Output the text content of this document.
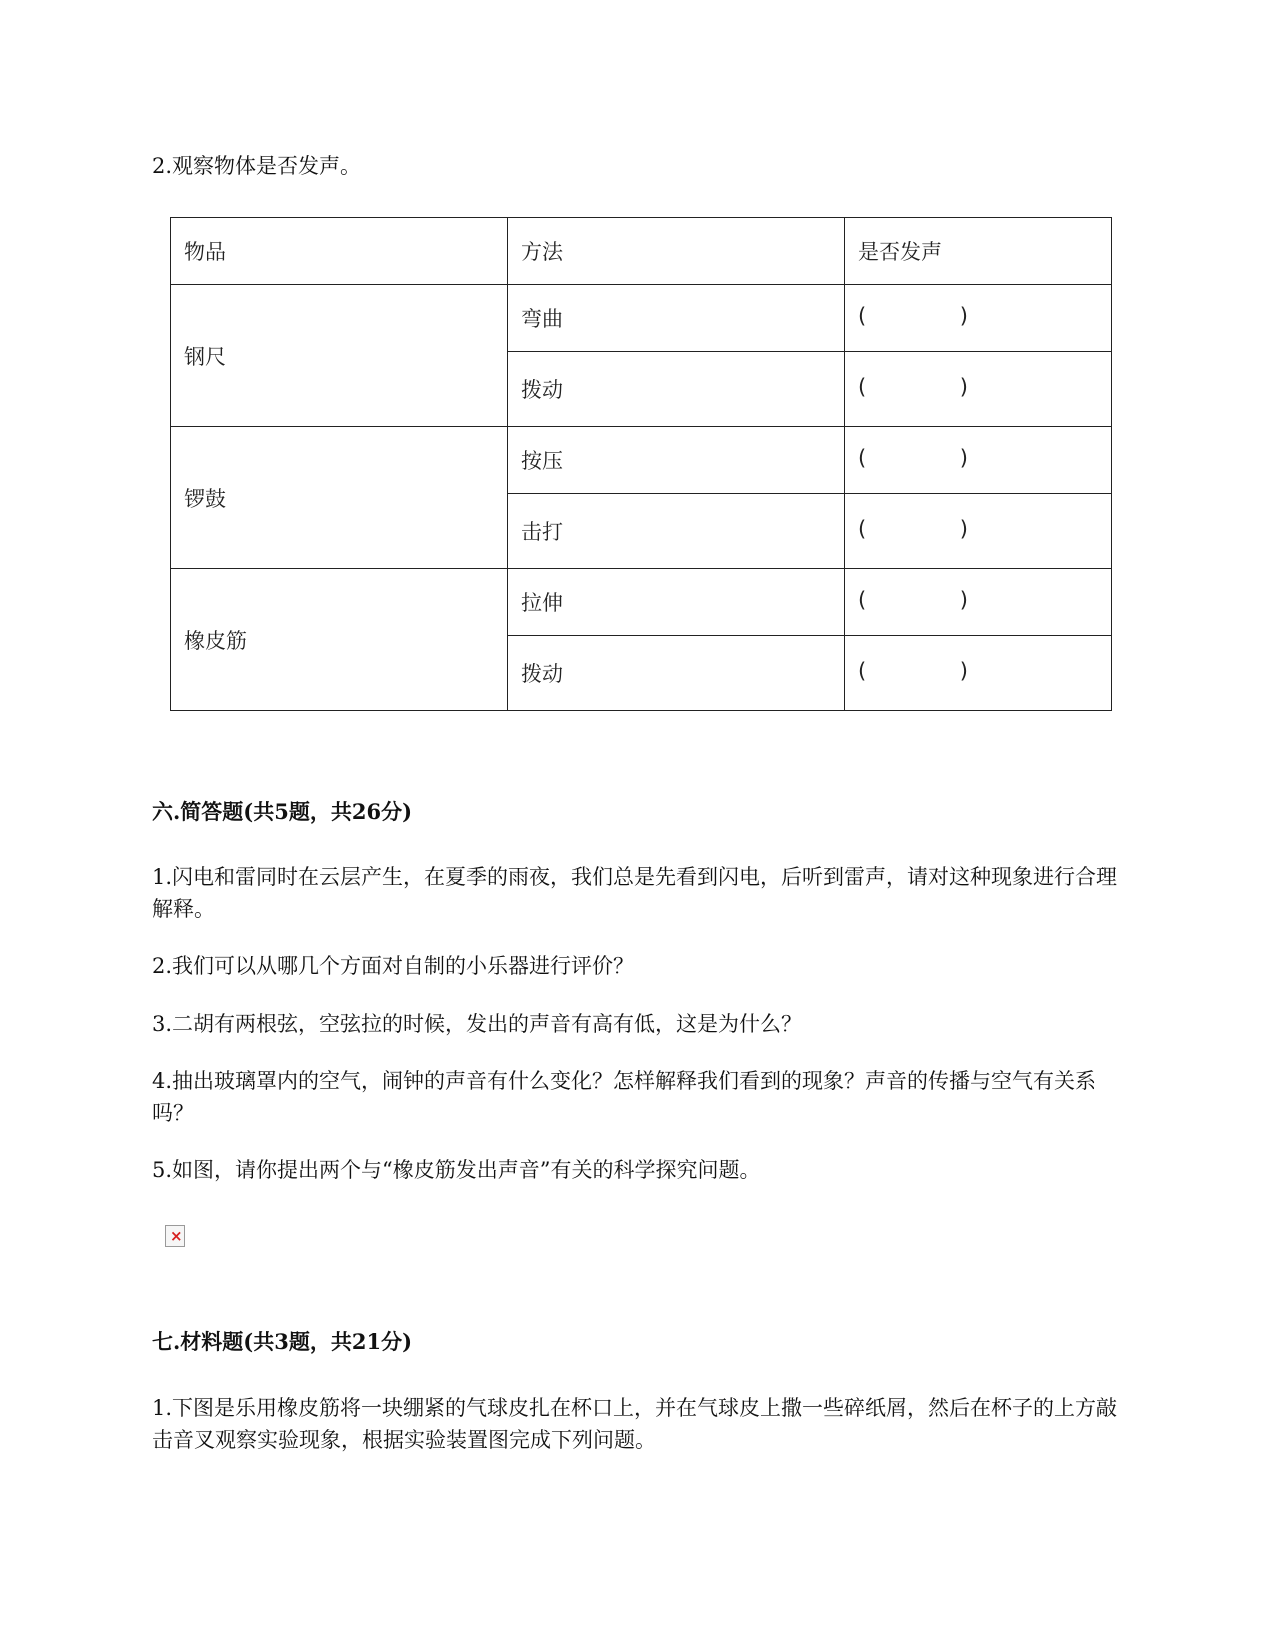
2.观察物体是否发声。
物品	方法	是否发声
钢尺	弯曲	( )

	拨动	( )

锣鼓	按压	( )

	击打	( )

橡皮筋	拉伸	( )

	拨动	( )
六.简答题(共5题，共26分)
1.闪电和雷同时在云层产生，在夏季的雨夜，我们总是先看到闪电，后听到雷声，请对这种现象进行合理解释。
2.我们可以从哪几个方面对自制的小乐器进行评价？
3.二胡有两根弦，空弦拉的时候，发出的声音有高有低，这是为什么？
4.抽出玻璃罩内的空气，闹钟的声音有什么变化？怎样解释我们看到的现象？声音的传播与空气有关系吗？
5.如图，请你提出两个与“橡皮筋发出声音”有关的科学探究问题。
×
七.材料题(共3题，共21分)
1.下图是乐用橡皮筋将一块绷紧的气球皮扎在杯口上，并在气球皮上撒一些碎纸屑，然后在杯子的上方敲击音叉观察实验现象，根据实验装置图完成下列问题。
